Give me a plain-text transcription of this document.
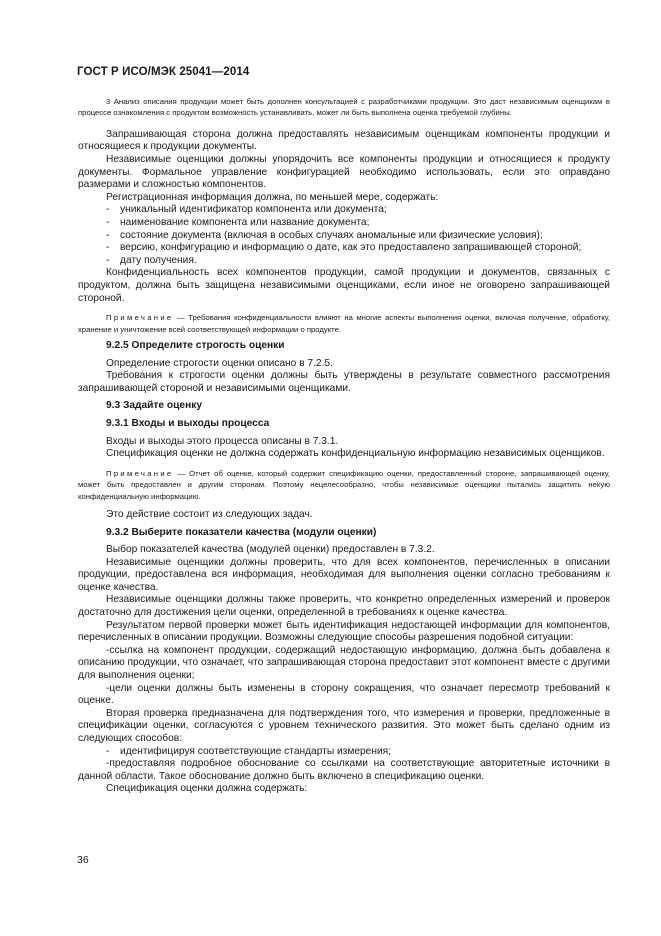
ГОСТ Р ИСО/МЭК 25041—2014

3 Анализ описания продукции может быть дополнен консультацией с разработчиками продукции. Это даст независимым оценщикам в процессе ознакомления с продуктом возможность устанавливать, может ли быть выполнена оценка требуемой глубины.

Запрашивающая сторона должна предоставлять независимым оценщикам компоненты продукции и относящиеся к продукции документы.

Независимые оценщики должны упорядочить все компоненты продукции и относящиеся к продукту документы. Формальное управление конфигурацией необходимо использовать, если это оправдано размерами и сложностью компонентов.

Регистрационная информация должна, по меньшей мере, содержать:

- уникальный идентификатор компонента или документа;

- наименование компонента или название документа;

- состояние документа (включая в особых случаях аномальные или физические условия);

- версию, конфигурацию и информацию о дате, как это предоставлено запрашивающей стороной;

- дату получения.

Конфиденциальность всех компонентов продукции, самой продукции и документов, связанных с продуктом, должна быть защищена независимыми оценщиками, если иное не оговорено запрашивающей стороной.

Примечание — Требования конфиденциальности влияют на многие аспекты выполнения оценки, включая получение, обработку, хранение и уничтожение всей соответствующей информации о продукте.

9.2.5 Определите строгость оценки

Определение строгости оценки описано в 7.2.5.

Требования к строгости оценки должны быть утверждены в результате совместного рассмотрения запрашивающей стороной и независимыми оценщиками.

9.3 Задайте оценку

9.3.1 Входы и выходы процесса

Входы и выходы этого процесса описаны в 7.3.1.

Спецификация оценки не должна содержать конфиденциальную информацию независимых оценщиков.

Примечание — Отчет об оценке, который содержит спецификацию оценки, предоставленный стороне, запрашивающей оценку, может быть предоставлен и другим сторонам. Поэтому нецелесообразно, чтобы независимые оценщики пытались защитить некую конфиденциальную информацию.

Это действие состоит из следующих задач.

9.3.2 Выберите показатели качества (модули оценки)

Выбор показателей качества (модулей оценки) предоставлен в 7.3.2.

Независимые оценщики должны проверить, что для всех компонентов, перечисленных в описании продукции, предоставлена вся информация, необходимая для выполнения оценки согласно требованиям к оценке качества.

Независимые оценщики должны также проверить, что конкретно определенных измерений и проверок достаточно для достижения цели оценки, определенной в требованиях к оценке качества.

Результатом первой проверки может быть идентификация недостающей информации для компонентов, перечисленных в описании продукции. Возможны следующие способы разрешения подобной ситуации:

-ссылка на компонент продукции, содержащий недостающую информацию, должна быть добавлена к описанию продукции, что означает, что запрашивающая сторона предоставит этот компонент вместе с другими для выполнения оценки;

-цели оценки должны быть изменены в сторону сокращения, что означает пересмотр требований к оценке.

Вторая проверка предназначена для подтверждения того, что измерения и проверки, предложенные в спецификации оценки, согласуются с уровнем технического развития. Это может быть сделано одним из следующих способов:

- идентифицируя соответствующие стандарты измерения;

-предоставляя подробное обоснование со ссылками на соответствующие авторитетные источники в данной области. Такое обоснование должно быть включено в спецификацию оценки.

Спецификация оценки должна содержать:

36
